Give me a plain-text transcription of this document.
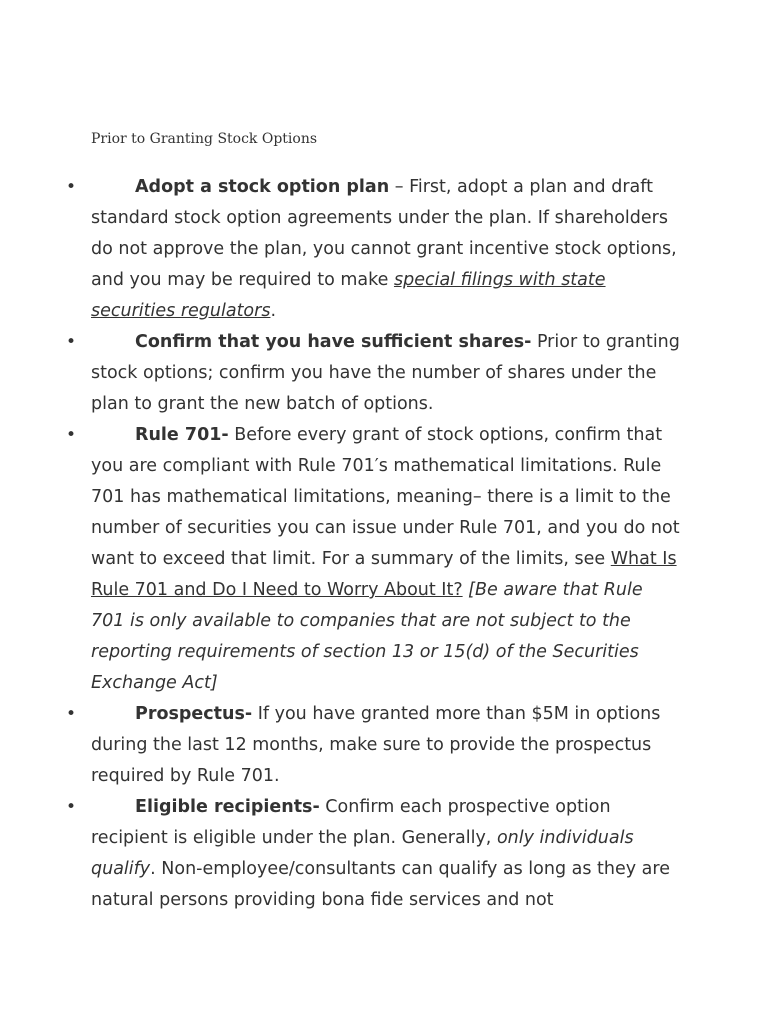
Prior to Granting Stock Options
•	Adopt a stock option plan – First, adopt a plan and draft standard stock option agreements under the plan. If shareholders do not approve the plan, you cannot grant incentive stock options, and you may be required to make special filings with state securities regulators.
•	Confirm that you have sufficient shares- Prior to granting stock options; confirm you have the number of shares under the plan to grant the new batch of options.
•	Rule 701- Before every grant of stock options, confirm that you are compliant with Rule 701′s mathematical limitations. Rule 701 has mathematical limitations, meaning– there is a limit to the number of securities you can issue under Rule 701, and you do not want to exceed that limit. For a summary of the limits, see What Is Rule 701 and Do I Need to Worry About It? [Be aware that Rule 701 is only available to companies that are not subject to the reporting requirements of section 13 or 15(d) of the Securities Exchange Act]
•	Prospectus- If you have granted more than $5M in options during the last 12 months, make sure to provide the prospectus required by Rule 701.
•	Eligible recipients- Confirm each prospective option recipient is eligible under the plan. Generally, only individuals qualify. Non-employee/consultants can qualify as long as they are natural persons providing bona fide services and not
